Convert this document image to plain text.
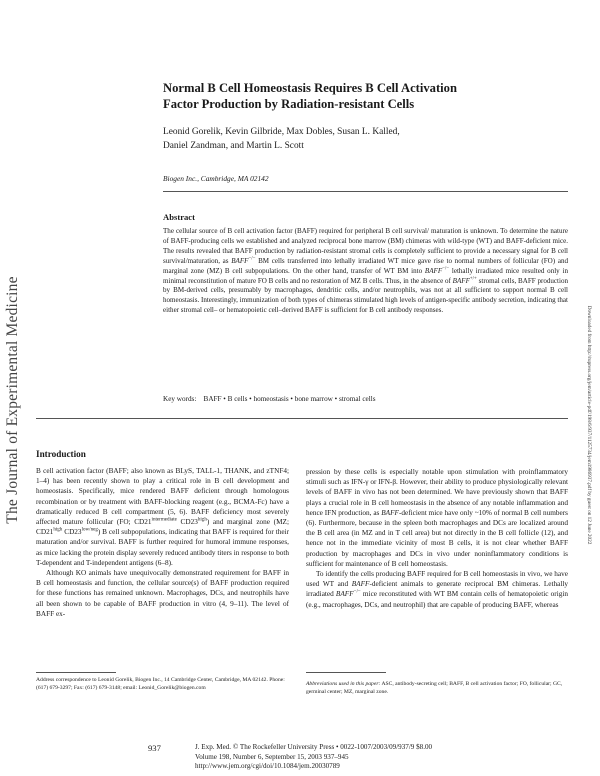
The Journal of Experimental Medicine	Downloaded from http://rupress.org/jem/article-pdf/198/6/937/1125734/jem1986937.pdf by guest on 12 June 2022
Normal B Cell Homeostasis Requires B Cell Activation
Factor Production by Radiation-resistant Cells
Leonid Gorelik, Kevin Gilbride, Max Dobles, Susan L. Kalled,
Daniel Zandman, and Martin L. Scott
Biogen Inc., Cambridge, MA 02142
Abstract
The cellular source of B cell activation factor (BAFF) required for peripheral B cell survival/ maturation is unknown. To determine the nature of BAFF-producing cells we established and analyzed reciprocal bone marrow (BM) chimeras with wild-type (WT) and BAFF-deficient mice. The results revealed that BAFF production by radiation-resistant stromal cells is completely sufficient to provide a necessary signal for B cell survival/maturation, as BAFF−/− BM cells transferred into lethally irradiated WT mice gave rise to normal numbers of follicular (FO) and marginal zone (MZ) B cell subpopulations. On the other hand, transfer of WT BM into BAFF−/− lethally irradiated mice resulted only in minimal reconstitution of mature FO B cells and no restoration of MZ B cells. Thus, in the absence of BAFF+/+ stromal cells, BAFF production by BM-derived cells, presumably by macrophages, dendritic cells, and/or neutrophils, was not at all sufficient to support normal B cell homeostasis. Interestingly, immunization of both types of chimeras stimulated high levels of antigen-specific antibody secretion, indicating that either stromal cell– or hematopoietic cell–derived BAFF is sufficient for B cell antibody responses.
Key words: BAFF • B cells • homeostasis • bone marrow • stromal cells
Introduction

B cell activation factor (BAFF; also known as BLyS, TALL-1, THANK, and zTNF4; 1–4) has been recently shown to play a critical role in B cell development and homeostasis. Specifically, mice rendered BAFF deficient through homologous recombination or by treatment with BAFF-blocking reagent (e.g., BCMA-Fc) have a dramatically reduced B cell compartment (5, 6). BAFF deficiency most severely affected mature follicular (FO; $CD21^{intermediate}$ $CD23^{high}$) and marginal zone (MZ; $CD21^{high}$ $CD23^{low/neg}$) B cell subpopulations, indicating that BAFF is required for their maturation and/or survival. BAFF is further required for humoral immune responses, as mice lacking the protein display severely reduced antibody titers in response to both T-dependent and T-independent antigens (6–8).

Although KO animals have unequivocally demonstrated requirement for BAFF in B cell homeostasis and function, the cellular source(s) of BAFF production required for these functions has remained unknown. Macrophages, DCs, and neutrophils have all been shown to be capable of BAFF production in vitro (4, 9–11). The level of BAFF ex-

pression by these cells is especially notable upon stimulation with proinflammatory stimuli such as IFN-γ or IFN-β. However, their ability to produce physiologically relevant levels of BAFF in vivo has not been determined. We have previously shown that BAFF plays a crucial role in B cell homeostasis in the absence of any notable inflammation and hence IFN production, as BAFF-deficient mice have only ~10% of normal B cell numbers (6). Furthermore, because in the spleen both macrophages and DCs are localized around the B cell area (in MZ and in T cell area) but not directly in the B cell follicle (12), and hence not in the immediate vicinity of most B cells, it is not clear whether BAFF production by macrophages and DCs in vivo under noninflammatory conditions is sufficient for maintenance of B cell homeostasis.

To identify the cells producing BAFF required for B cell homeostasis in vivo, we have used WT and BAFF-deficient animals to generate reciprocal BM chimeras. Lethally irradiated BAFF−/− mice reconstituted with WT BM contain cells of hematopoietic origin (e.g., macrophages, DCs, and neutrophil) that are capable of producing BAFF, whereas

Address correspondence to Leonid Gorelik, Biogen Inc., 14 Cambridge Center, Cambridge, MA 02142. Phone: (617) 679-3297; Fax: (617) 679-3148; email: Leonid_Gorelik@biogen.com
Abbreviations used in this paper: ASC, antibody-secreting cell; BAFF, B cell activation factor; FO, follicular; GC, germinal center; MZ, marginal zone.
937	J. Exp. Med. © The Rockefeller University Press • 0022-1007/2003/09/937/9 $8.00
Volume 198, Number 6, September 15, 2003 937–945
http://www.jem.org/cgi/doi/10.1084/jem.20030789
